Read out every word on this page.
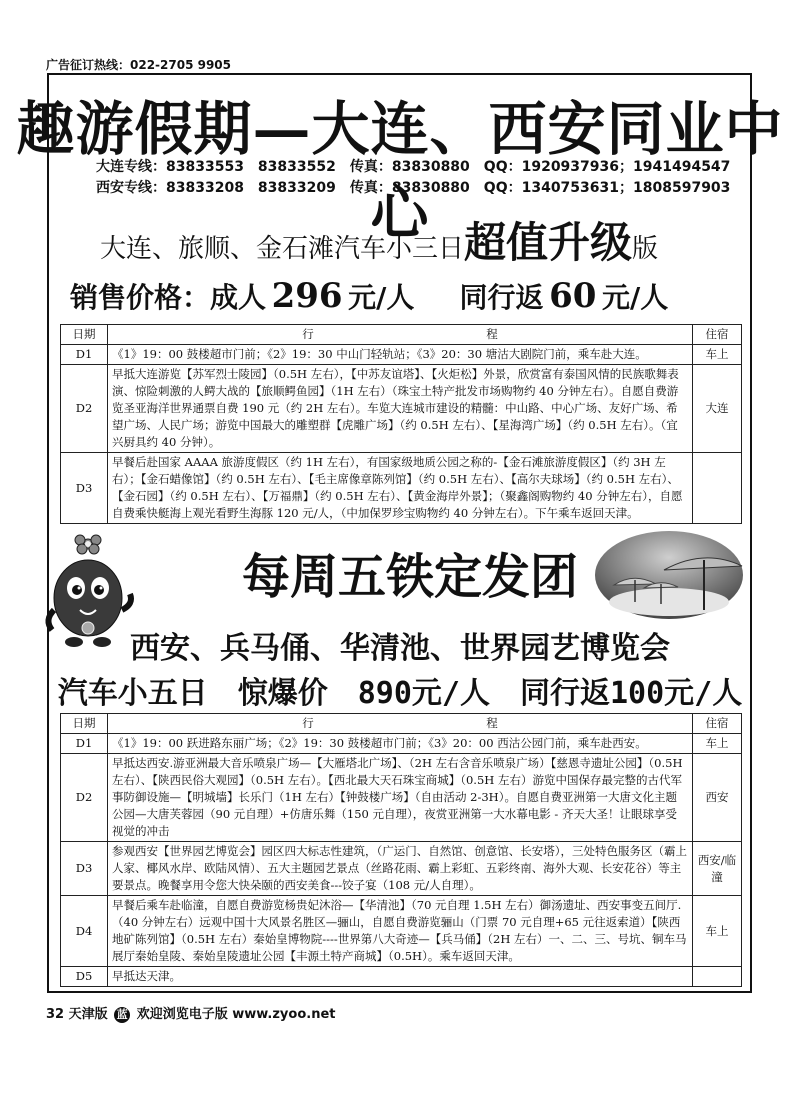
广告征订热线：022-2705 9905
趣游假期—大连、西安同业中心
大连专线：83833553　83833552　传真：83830880　QQ：1920937936；1941494547
西安专线：83833208　83833209　传真：83830880　QQ：1340753631；1808597903
大连、旅顺、金石滩汽车小三日超值升级版
销售价格：成人 296 元/人 同行返 60 元/人
日期	行　　　　　　　　　　　　　　　程	住宿
D1	《1》19：00 鼓楼超市门前；《2》19：30 中山门轻轨站；《3》20：30 塘沽大剧院门前，乘车赴大连。	车上
D2	早抵大连游览【苏军烈士陵园】（0.5H 左右），【中苏友谊塔】、【火炬松】外景，欣赏富有泰国风情的民族歌舞表演、惊险刺激的人鳄大战的【旅顺鳄鱼园】（1H 左右）（珠宝土特产批发市场购物约 40 分钟左右）。自愿自费游览圣亚海洋世界通票自费 190 元（约 2H 左右）。车览大连城市建设的精髓：中山路、中心广场、友好广场、希望广场、人民广场；游览中国最大的雕塑群【虎雕广场】（约 0.5H 左右）、【星海湾广场】（约 0.5H 左右）。（宜兴厨具约 40 分钟）。	大连
D3	早餐后赴国家 AAAA 旅游度假区（约 1H 左右），有国家级地质公园之称的-【金石滩旅游度假区】（约 3H 左右）；【金石蜡像馆】（约 0.5H 左右）、【毛主席像章陈列馆】（约 0.5H 左右）、【高尔夫球场】（约 0.5H 左右）、【金石园】（约 0.5H 左右）、【万福鼎】（约 0.5H 左右）、【黄金海岸外景】；（聚鑫阁购物约 40 分钟左右），自愿自费乘快艇海上观光看野生海豚 120 元/人，（中加保罗珍宝购物约 40 分钟左右）。下午乘车返回天津。	
每周五铁定发团
西安、兵马俑、华清池、世界园艺博览会
汽车小五日　惊爆价　890元/人　同行返100元/人
日期	行　　　　　　　　　　　　　　　程	住宿
D1	《1》19：00 跃进路东丽广场；《2》19：30 鼓楼超市门前；《3》20：00 西沽公园门前，乘车赴西安。	车上
D2	早抵达西安.游亚洲最大音乐喷泉广场—【大雁塔北广场】、（2H 左右含音乐喷泉广场）【慈恩寺遗址公园】（0.5H 左右）、【陕西民俗大观园】（0.5H 左右）。【西北最大天石珠宝商城】（0.5H 左右）游览中国保存最完整的古代军事防御设施—【明城墙】长乐门（1H 左右）【钟鼓楼广场】（自由活动 2-3H）。自愿自费亚洲第一大唐文化主题公园—大唐芙蓉园（90 元自理）+仿唐乐舞（150 元自理），夜赏亚洲第一大水幕电影 - 齐天大圣！让眼球享受视觉的冲击	西安
D3	参观西安【世界园艺博览会】园区四大标志性建筑，（广运门、自然馆、创意馆、长安塔），三处特色服务区（霸上人家、椰风水岸、欧陆风情）、五大主题园艺景点（丝路花雨、霸上彩虹、五彩终南、海外大观、长安花谷）等主要景点。晚餐享用令您大快朵颐的西安美食---饺子宴（108 元/人自理）。	西安/临潼
D4	早餐后乘车赴临潼，自愿自费游览杨贵妃沐浴—【华清池】（70 元自理 1.5H 左右）御汤遗址、西安事变五间厅.（40 分钟左右）远观中国十大风景名胜区—骊山，自愿自费游览骊山（门票 70 元自理+65 元往返索道）【陕西地矿陈列馆】（0.5H 左右）秦始皇博物院----世界第八大奇迹—【兵马俑】（2H 左右）一、二、三、号坑、铜车马展厅秦始皇陵、秦始皇陵遗址公园【丰源土特产商城】（0.5H）。乘车返回天津。	车上
D5	早抵达天津。	
32 天津版 蓝 欢迎浏览电子版 www.zyoo.net
